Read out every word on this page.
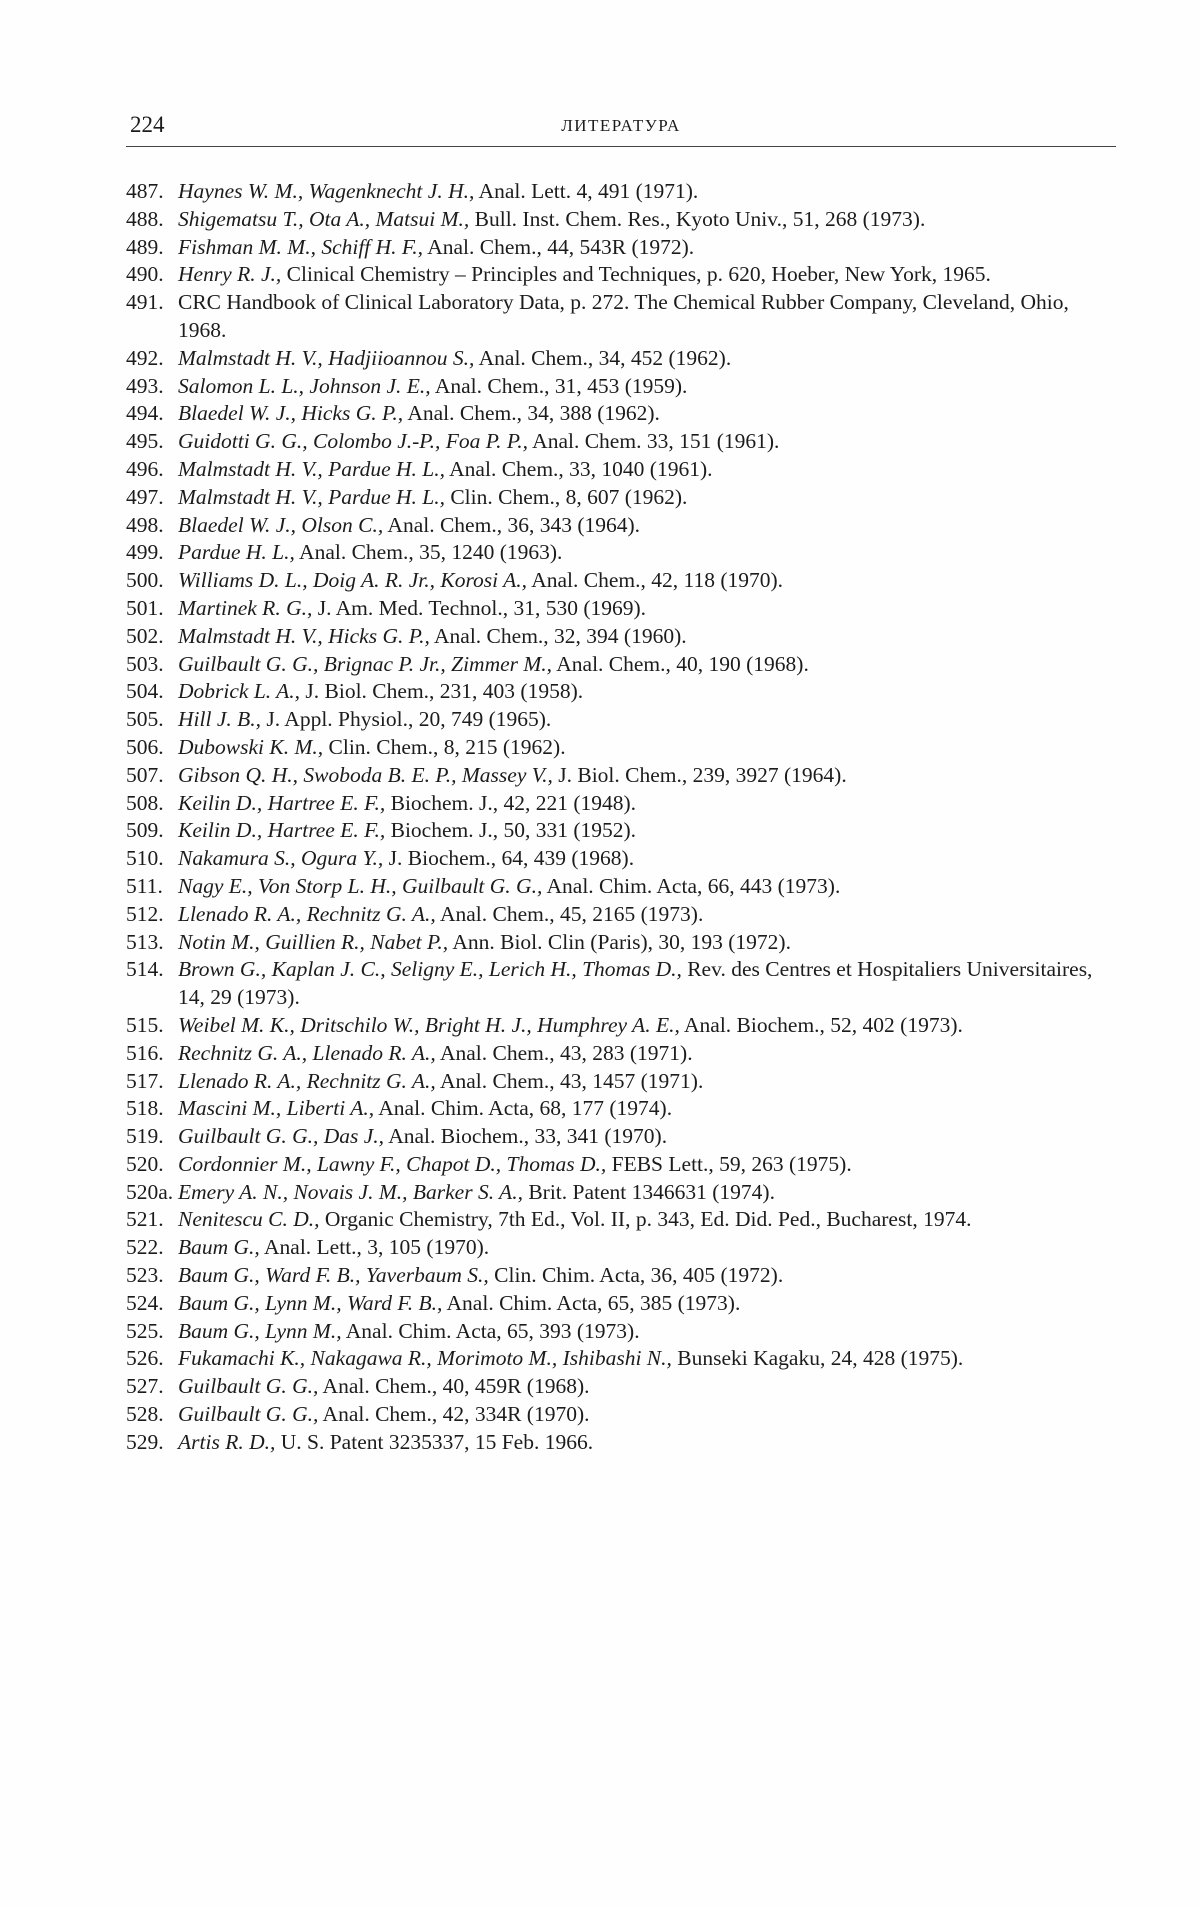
224	ЛИТЕРАТУРА
487. Haynes W. M., Wagenknecht J. H., Anal. Lett. 4, 491 (1971).
488. Shigematsu T., Ota A., Matsui M., Bull. Inst. Chem. Res., Kyoto Univ., 51, 268 (1973).
489. Fishman M. M., Schiff H. F., Anal. Chem., 44, 543R (1972).
490. Henry R. J., Clinical Chemistry – Principles and Techniques, p. 620, Hoeber, New York, 1965.
491. CRC Handbook of Clinical Laboratory Data, p. 272. The Chemical Rubber Company, Cleveland, Ohio, 1968.
492. Malmstadt H. V., Hadjiioannou S., Anal. Chem., 34, 452 (1962).
493. Salomon L. L., Johnson J. E., Anal. Chem., 31, 453 (1959).
494. Blaedel W. J., Hicks G. P., Anal. Chem., 34, 388 (1962).
495. Guidotti G. G., Colombo J.-P., Foa P. P., Anal. Chem. 33, 151 (1961).
496. Malmstadt H. V., Pardue H. L., Anal. Chem., 33, 1040 (1961).
497. Malmstadt H. V., Pardue H. L., Clin. Chem., 8, 607 (1962).
498. Blaedel W. J., Olson C., Anal. Chem., 36, 343 (1964).
499. Pardue H. L., Anal. Chem., 35, 1240 (1963).
500. Williams D. L., Doig A. R. Jr., Korosi A., Anal. Chem., 42, 118 (1970).
501. Martinek R. G., J. Am. Med. Technol., 31, 530 (1969).
502. Malmstadt H. V., Hicks G. P., Anal. Chem., 32, 394 (1960).
503. Guilbault G. G., Brignac P. Jr., Zimmer M., Anal. Chem., 40, 190 (1968).
504. Dobrick L. A., J. Biol. Chem., 231, 403 (1958).
505. Hill J. B., J. Appl. Physiol., 20, 749 (1965).
506. Dubowski K. M., Clin. Chem., 8, 215 (1962).
507. Gibson Q. H., Swoboda B. E. P., Massey V., J. Biol. Chem., 239, 3927 (1964).
508. Keilin D., Hartree E. F., Biochem. J., 42, 221 (1948).
509. Keilin D., Hartree E. F., Biochem. J., 50, 331 (1952).
510. Nakamura S., Ogura Y., J. Biochem., 64, 439 (1968).
511. Nagy E., Von Storp L. H., Guilbault G. G., Anal. Chim. Acta, 66, 443 (1973).
512. Llenado R. A., Rechnitz G. A., Anal. Chem., 45, 2165 (1973).
513. Notin M., Guillien R., Nabet P., Ann. Biol. Clin (Paris), 30, 193 (1972).
514. Brown G., Kaplan J. C., Seligny E., Lerich H., Thomas D., Rev. des Centres et Hospitaliers Universitaires, 14, 29 (1973).
515. Weibel M. K., Dritschilo W., Bright H. J., Humphrey A. E., Anal. Biochem., 52, 402 (1973).
516. Rechnitz G. A., Llenado R. A., Anal. Chem., 43, 283 (1971).
517. Llenado R. A., Rechnitz G. A., Anal. Chem., 43, 1457 (1971).
518. Mascini M., Liberti A., Anal. Chim. Acta, 68, 177 (1974).
519. Guilbault G. G., Das J., Anal. Biochem., 33, 341 (1970).
520. Cordonnier M., Lawny F., Chapot D., Thomas D., FEBS Lett., 59, 263 (1975).
520a. Emery A. N., Novais J. M., Barker S. A., Brit. Patent 1346631 (1974).
521. Nenitescu C. D., Organic Chemistry, 7th Ed., Vol. II, p. 343, Ed. Did. Ped., Bucharest, 1974.
522. Baum G., Anal. Lett., 3, 105 (1970).
523. Baum G., Ward F. B., Yaverbaum S., Clin. Chim. Acta, 36, 405 (1972).
524. Baum G., Lynn M., Ward F. B., Anal. Chim. Acta, 65, 385 (1973).
525. Baum G., Lynn M., Anal. Chim. Acta, 65, 393 (1973).
526. Fukamachi K., Nakagawa R., Morimoto M., Ishibashi N., Bunseki Kagaku, 24, 428 (1975).
527. Guilbault G. G., Anal. Chem., 40, 459R (1968).
528. Guilbault G. G., Anal. Chem., 42, 334R (1970).
529. Artis R. D., U. S. Patent 3235337, 15 Feb. 1966.
